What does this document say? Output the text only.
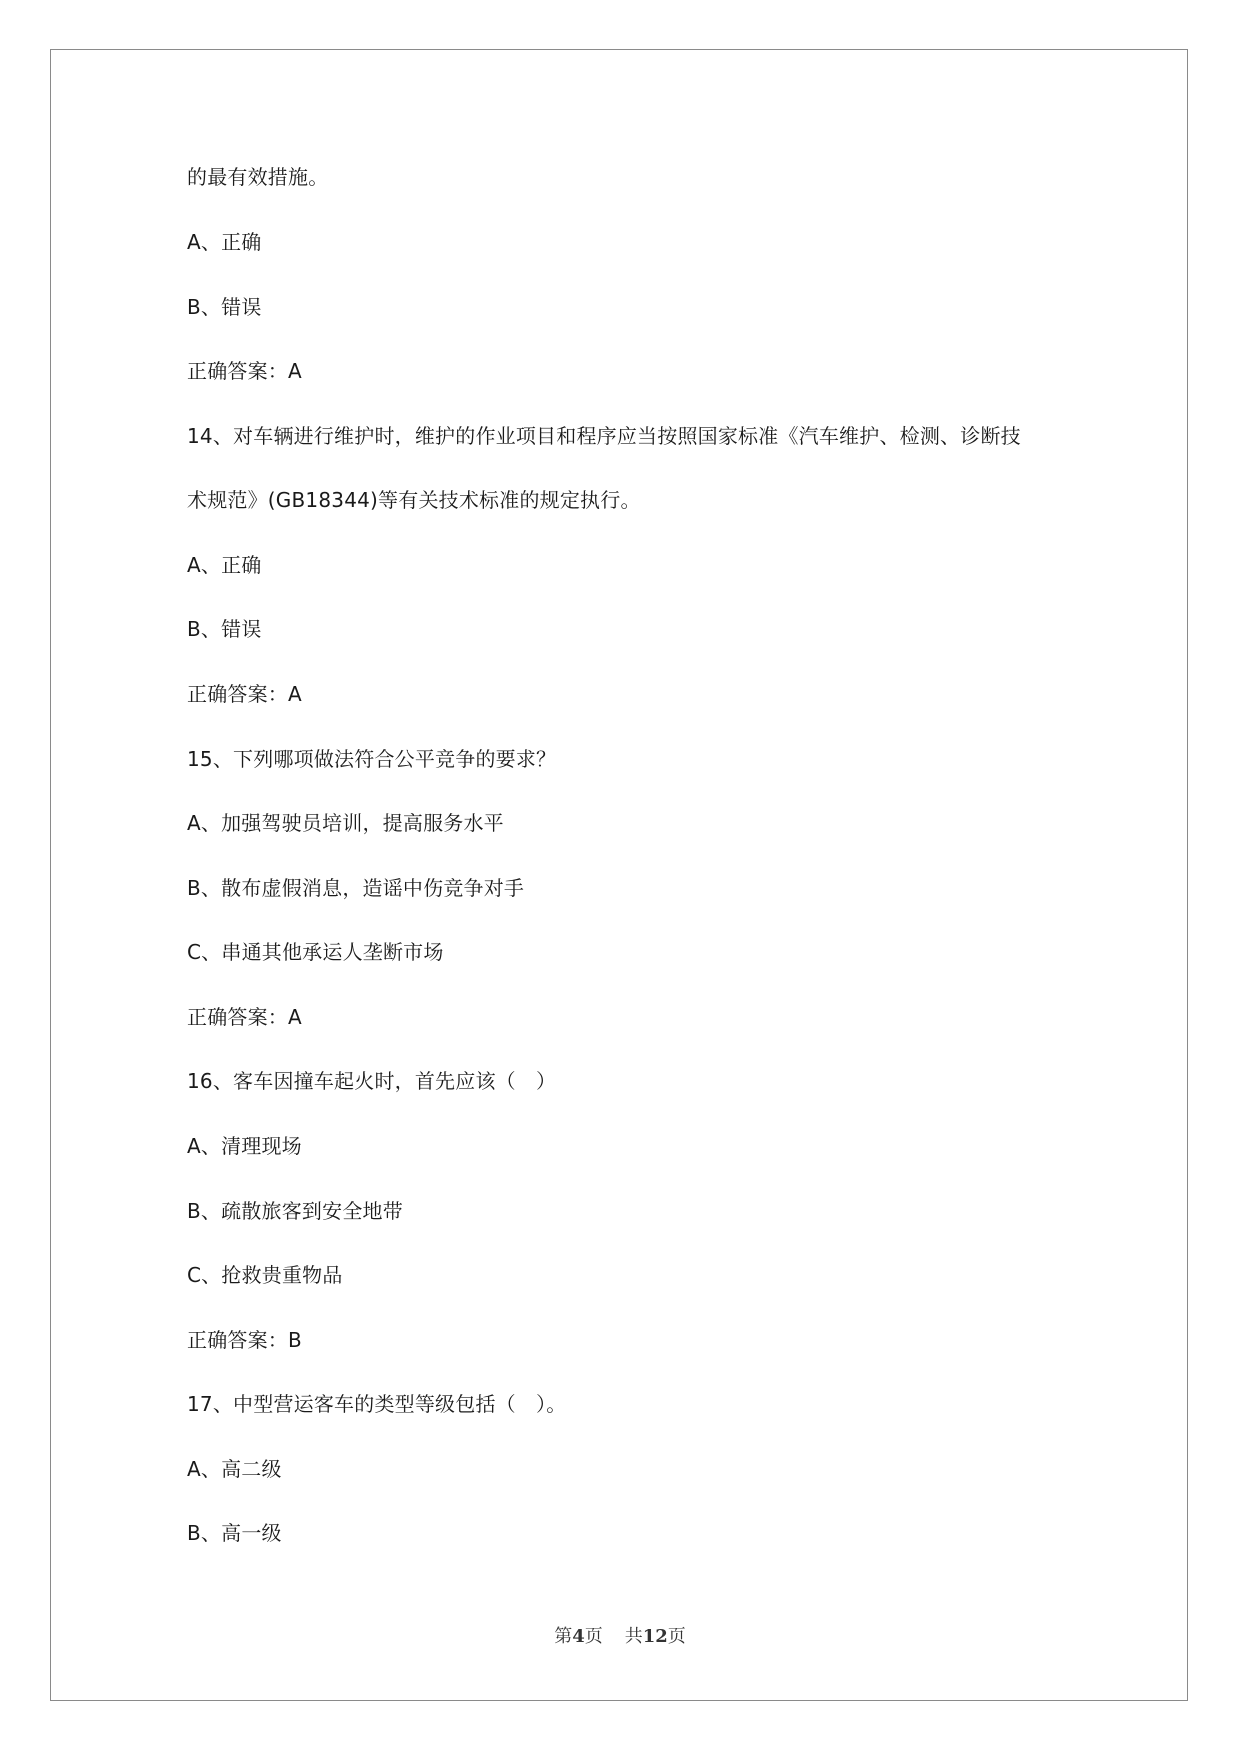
的最有效措施。
A、正确
B、错误
正确答案：A
14、对车辆进行维护时，维护的作业项目和程序应当按照国家标准《汽车维护、检测、诊断技
术规范》(GB18344)等有关技术标准的规定执行。
A、正确
B、错误
正确答案：A
15、下列哪项做法符合公平竞争的要求？
A、加强驾驶员培训，提高服务水平
B、散布虚假消息，造谣中伤竞争对手
C、串通其他承运人垄断市场
正确答案：A
16、客车因撞车起火时，首先应该（　）
A、清理现场
B、疏散旅客到安全地带
C、抢救贵重物品
正确答案：B
17、中型营运客车的类型等级包括（　）。
A、高二级
B、高一级
第4页 共12页
